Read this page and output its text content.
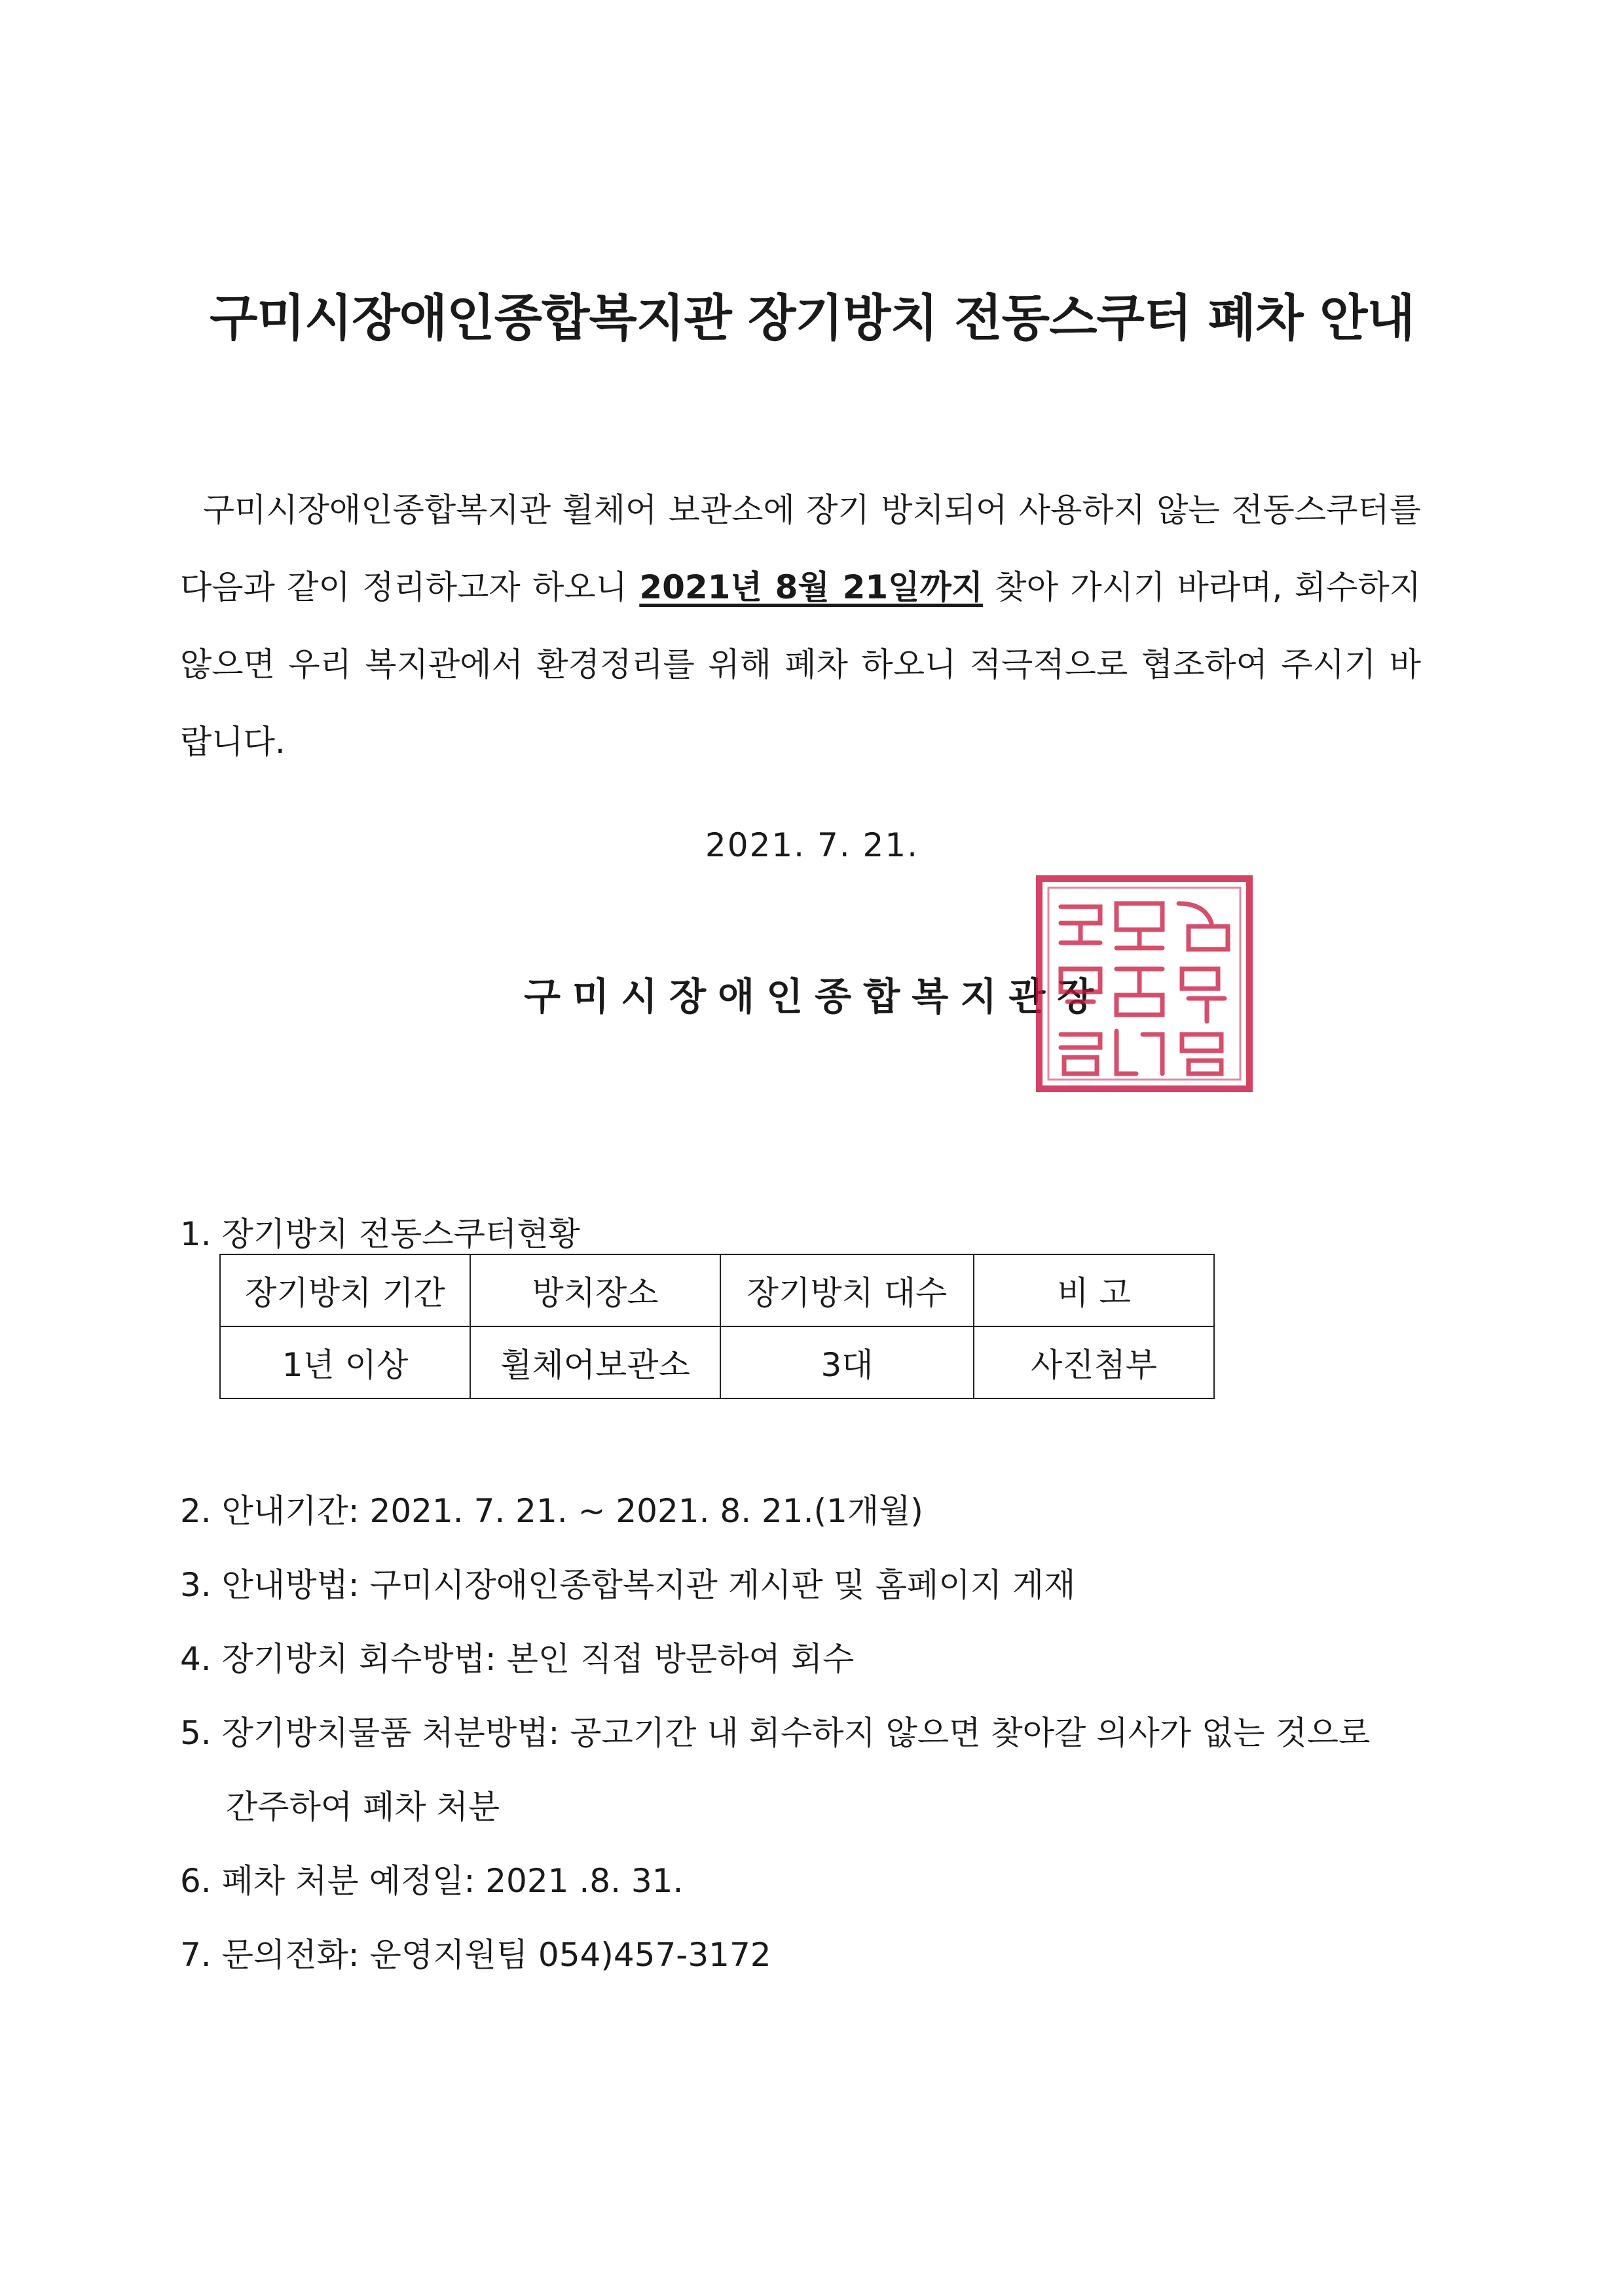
구미시장애인종합복지관 장기방치 전동스쿠터 폐차 안내
구미시장애인종합복지관 휠체어 보관소에 장기 방치되어 사용하지 않는 전동스쿠터를 다음과 같이 정리하고자 하오니 2021년 8월 21일까지 찾아 가시기 바라며, 회수하지 않으면 우리 복지관에서 환경정리를 위해 폐차 하오니 적극적으로 협조하여 주시기 바랍니다.
2021. 7. 21.
구미시장애인종합복지관장
1. 장기방치 전동스쿠터현황
장기방치 기간	방치장소	장기방치 대수	비 고
1년 이상	휠체어보관소	3대	사진첨부
2. 안내기간: 2021. 7. 21. ~ 2021. 8. 21.(1개월)
3. 안내방법: 구미시장애인종합복지관 게시판 및 홈페이지 게재
4. 장기방치 회수방법: 본인 직접 방문하여 회수
5. 장기방치물품 처분방법: 공고기간 내 회수하지 않으면 찾아갈 의사가 없는 것으로
간주하여 폐차 처분
6. 폐차 처분 예정일: 2021 .8. 31.
7. 문의전화: 운영지원팀 054)457-3172
